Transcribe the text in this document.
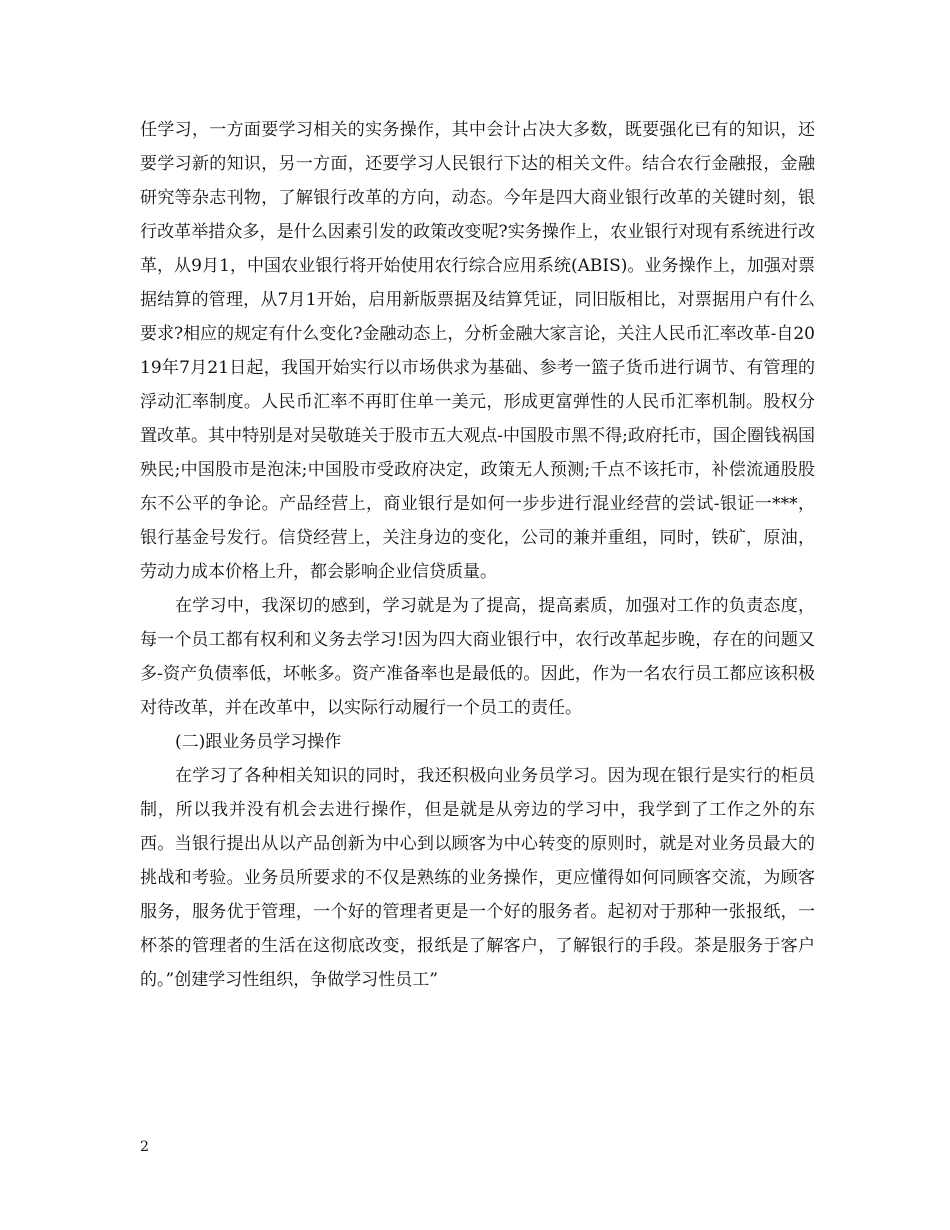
任学习，一方面要学习相关的实务操作，其中会计占决大多数，既要强化已有的知识，还要学习新的知识，另一方面，还要学习人民银行下达的相关文件。结合农行金融报，金融研究等杂志刊物，了解银行改革的方向，动态。今年是四大商业银行改革的关键时刻，银行改革举措众多，是什么因素引发的政策改变呢?实务操作上，农业银行对现有系统进行改革，从9月1，中国农业银行将开始使用农行综合应用系统(ABIS)。业务操作上，加强对票据结算的管理，从7月1开始，启用新版票据及结算凭证，同旧版相比，对票据用户有什么要求?相应的规定有什么变化?金融动态上，分析金融大家言论，关注人民币汇率改革-自2019年7月21日起，我国开始实行以市场供求为基础、参考一篮子货币进行调节、有管理的浮动汇率制度。人民币汇率不再盯住单一美元，形成更富弹性的人民币汇率机制。股权分置改革。其中特别是对吴敬琏关于股市五大观点-中国股市黑不得;政府托市，国企圈钱祸国殃民;中国股市是泡沫;中国股市受政府决定，政策无人预测;千点不该托市，补偿流通股股东不公平的争论。产品经营上，商业银行是如何一步步进行混业经营的尝试-银证一***，银行基金号发行。信贷经营上，关注身边的变化，公司的兼并重组，同时，铁矿，原油，劳动力成本价格上升，都会影响企业信贷质量。

在学习中，我深切的感到，学习就是为了提高，提高素质，加强对工作的负责态度，每一个员工都有权利和义务去学习!因为四大商业银行中，农行改革起步晚，存在的问题又多-资产负债率低，坏帐多。资产准备率也是最低的。因此，作为一名农行员工都应该积极对待改革，并在改革中，以实际行动履行一个员工的责任。

(二)跟业务员学习操作

在学习了各种相关知识的同时，我还积极向业务员学习。因为现在银行是实行的柜员制，所以我并没有机会去进行操作，但是就是从旁边的学习中，我学到了工作之外的东西。当银行提出从以产品创新为中心到以顾客为中心转变的原则时，就是对业务员最大的挑战和考验。业务员所要求的不仅是熟练的业务操作，更应懂得如何同顾客交流，为顾客服务，服务优于管理，一个好的管理者更是一个好的服务者。起初对于那种一张报纸，一杯茶的管理者的生活在这彻底改变，报纸是了解客户，了解银行的手段。茶是服务于客户的。”创建学习性组织，争做学习性员工”

2
